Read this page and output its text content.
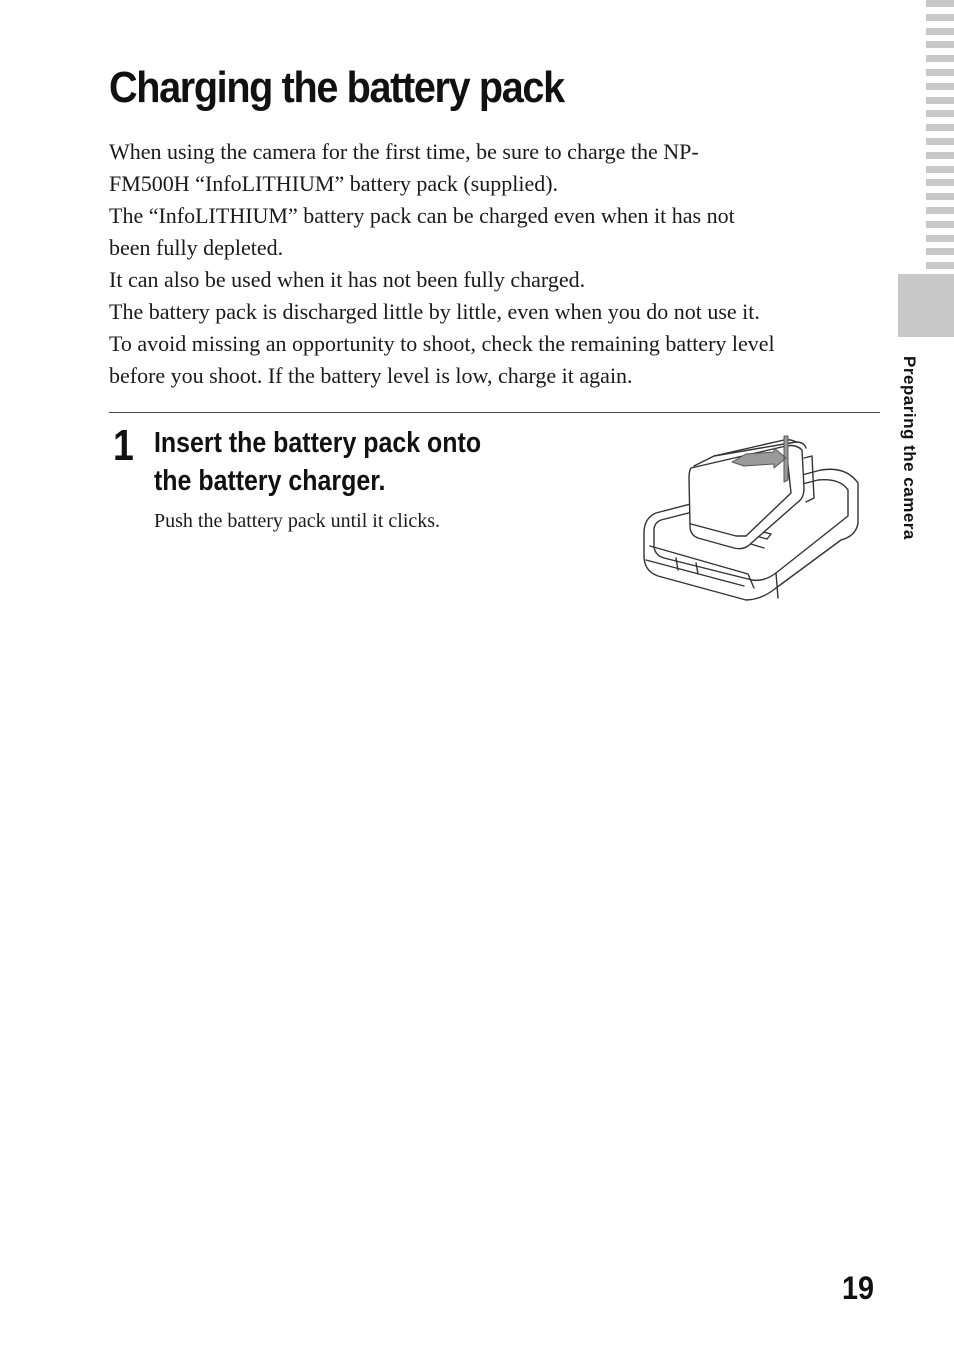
Charging the battery pack

When using the camera for the first time, be sure to charge the NP-

FM500H “InfoLITHIUM” battery pack (supplied).

The “InfoLITHIUM” battery pack can be charged even when it has not

been fully depleted.

It can also be used when it has not been fully charged.

The battery pack is discharged little by little, even when you do not use it.

To avoid missing an opportunity to shoot, check the remaining battery level

before you shoot. If the battery level is low, charge it again.

1 Insert the battery pack onto
the battery charger.
Push the battery pack until it clicks.	Preparing the camera
19
